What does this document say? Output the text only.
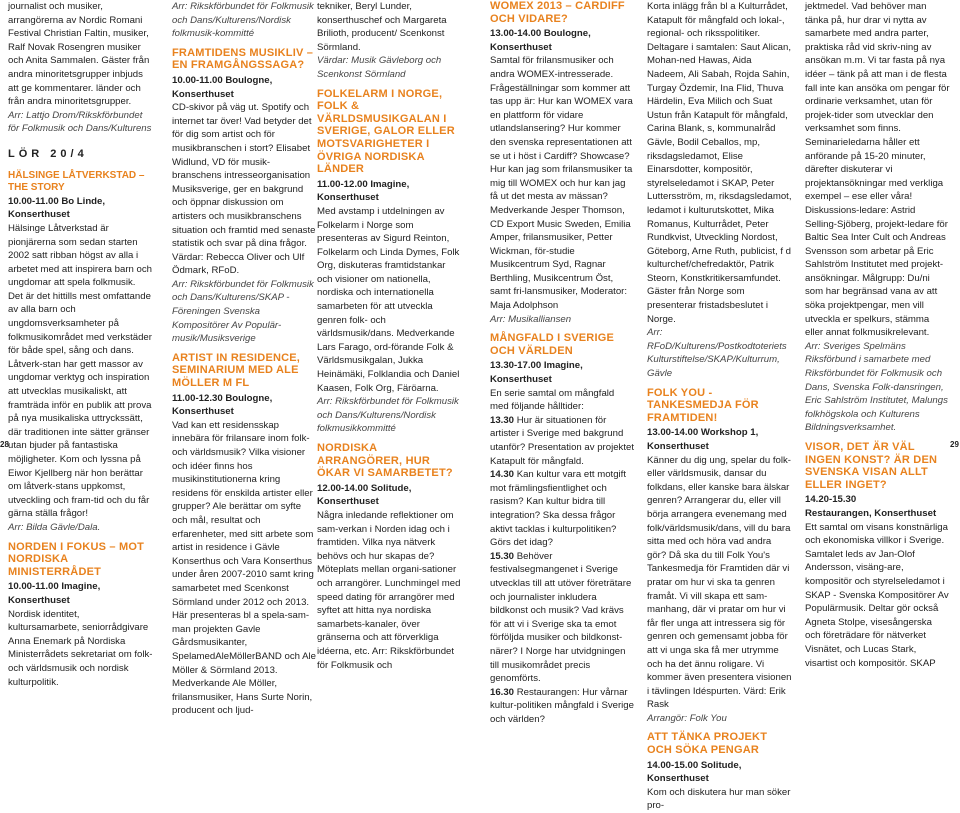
journalist och musiker, arrangörerna av Nordic Romani Festival Christian Faltin, musiker, Ralf Novak Rosengren musiker och Anita Sammalen. Gäster från andra minoritetsgrupper inbjuds att ge kommentarer. länder och från andra minoritetsgrupper.

Arr: Lattjo Drom/Rikskförbundet för Folkmusik och Dans/Kulturens

LÖR 20/4

HÄLSINGE LÅTVERKSTAD – THE STORY

10.00-11.00 Bo Linde, Konserthuset

Hälsinge Låtverkstad är pionjärerna som sedan starten 2002 satt ribban högst av alla i arbetet med att inspirera barn och ungdomar att spela folkmusik. Det är det hittills mest omfattande av alla barn och ungdomsverksamheter på folkmusikområdet med verkstäder för både spel, sång och dans. Låtverk-stan har gett massor av ungdomar verktyg och inspiration att utvecklas musikaliskt, att framträda inför en publik att prova på nya musikaliska uttryckssätt, där traditionen inte sätter gränser utan bjuder på fantastiska möjligheter. Kom och lyssna på Eiwor Kjellberg när hon berättar om låtverk-stans uppkomst, utveckling och fram-tid och du får gärna ställa frågor!

Arr: Bilda Gävle/Dala.

NORDEN I FOKUS – MOT NORDISKA MINISTERRÅDET

10.00-11.00 Imagine, Konserthuset

Nordisk identitet, kultursamarbete, seniorrådgivare Anna Enemark på Nordiska Ministerrådets sekretariat om folk- och världsmusik och nordisk kulturpolitik.

Arr: Rikskförbundet för Folkmusik och Dans/Kulturens/Nordisk folkmusik-kommitté

FRAMTIDENS MUSIKLIV – EN FRAMGÅNGSSAGA?

10.00-11.00 Boulogne, Konserthuset

CD-skivor på väg ut. Spotify och internet tar över! Vad betyder det för dig som artist och för musikbranschen i stort? Elisabet Widlund, VD för musik-branschens intresseorganisation Musiksverige, ger en bakgrund och öppnar diskussion om artisters och musikbranschens situation och framtid med senaste statistik och svar på dina frågor. Värdar: Rebecca Oliver och Ulf Ödmark, RFoD.

Arr: Rikskförbundet för Folkmusik och Dans/Kulturens/SKAP - Föreningen Svenska Kompositörer Av Populär-musik/Musiksverige

ARTIST IN RESIDENCE, SEMINARIUM MED ALE MÖLLER M FL

11.00-12.30 Boulogne, Konserthuset

Vad kan ett residensskap innebära för frilansare inom folk- och världsmusik? Vilka visioner och idéer finns hos musikinstitutionerna kring residens för enskilda artister eller grupper? Ale berättar om syfte och mål, resultat och erfarenheter, med sitt arbete som artist in residence i Gävle Konserthus och Vara Konserthus under åren 2007-2010 samt kring samarbetet med Scenkonst Sörmland under 2012 och 2013. Här presenteras bl a spela-sam-man projekten Gavle Gårdsmusikanter, SpelamedAleMöllerBAND och Ale Möller & Sörmland 2013. Medverkande Ale Möller, frilansmusiker, Hans Surte Norin, producent och ljud-

tekniker, Beryl Lunder, konserthuschef och Margareta Brilioth, producent/ Scenkonst Sörmland.

Värdar: Musik Gävleborg och Scenkonst Sörmland

FOLKELARM I NORGE, FOLK & VÄRLDSMUSIKGALAN I SVERIGE, GALOR ELLER MOTSVARIGHETER I ÖVRIGA NORDISKA LÄNDER

11.00-12.00 Imagine, Konserthuset

Med avstamp i utdelningen av Folkelarm i Norge som presenteras av Sigurd Reinton, Folkelarm och Linda Dymes, Folk Org, diskuteras framtidstankar och visioner om nationella, nordiska och internationella samarbeten för att utveckla genren folk- och världsmusik/dans. Medverkande Lars Farago, ord-förande Folk & Världsmusikgalan, Jukka Heinämäki, Folklandia och Daniel Kaasen, Folk Org, Färöarna.

Arr: Rikskförbundet för Folkmusik och Dans/Kulturens/Nordisk folkmusikkommitté

NORDISKA ARRANGÖRER, HUR ÖKAR VI SAMARBETET?

12.00-14.00 Solitude, Konserthuset

Några inledande reflektioner om sam-verkan i Norden idag och i framtiden. Vilka nya nätverk behövs och hur skapas de? Möteplats mellan organi-sationer och arrangörer. Lunchmingel med speed dating för arrangörer med syftet att hitta nya nordiska samarbets-kanaler, över gränserna och att förverkliga idéerna, etc. Arr: Rikskförbundet för Folkmusik och

WOMEX 2013 – CARDIFF OCH VIDARE?

13.00-14.00 Boulogne, Konserthuset

Samtal för frilansmusiker och andra WOMEX-intresserade. Frågeställningar som kommer att tas upp är: Hur kan WOMEX vara en plattform för vidare utlandslansering? Hur kommer den svenska representationen att se ut i höst i Cardiff? Showcase? Hur kan jag som frilansmusiker ta mig till WOMEX och hur kan jag få ut det mesta av mässan? Medverkande Jesper Thomson, CD Export Music Sweden, Emilia Amper, frilansmusiker, Petter Wickman, för-studie Musikcentrum Syd, Ragnar Berthling, Musikcentrum Öst, samt fri-lansmusiker, Moderator: Maja Adolphson

Arr: Musikalliansen

MÅNGFALD I SVERIGE OCH VÄRLDEN

13.30-17.00 Imagine, Konserthuset

En serie samtal om mångfald med följande hålltider:

13.30 Hur är situationen för artister i Sverige med bakgrund utanför? Presentation av projektet Katapult för mångfald.

14.30 Kan kultur vara ett motgift mot främlingsfientlighet och rasism? Kan kultur bidra till integration? Ska dessa frågor aktivt tacklas i kulturpolitiken? Görs det idag?

15.30 Behöver festivalsegmangenet i Sverige utvecklas till att utöver företrätare och journalister inkludera bildkonst och musik? Vad krävs för att vi i Sverige ska ta emot förföljda musiker och bildkonst-närer? I Norge har utvidgningen till musikområdet precis genomförts.

16.30 Restaurangen: Hur vårnar kultur-politiken mångfald i Sverige och världen?

Korta inlägg från bl a Kulturrådet, Katapult för mångfald och lokal-, regional- och riksspolitiker. Deltagare i samtalen: Saut Alican, Mohan-ned Hawas, Aida Nadeem, Ali Sabah, Rojda Sahin, Turgay Özdemir, Ina Flid, Thuva Härdelin, Eva Milich och Suat Ustun från Katapult för mångfald, Carina Blank, s, kommunalråd Gävle, Bodil Ceballos, mp, riksdagsledamot, Elise Einarsdotter, kompositör, styrelseledamot i SKAP, Peter Luttersström, m, riksdagsledamot, ledamot i kulturutskottet, Mika Romanus, Kulturrådet, Peter Rundkvist, Utveckling Nordost, Göteborg, Arne Ruth, publicist, f d kulturchef/chefredaktör, Patrik Steorn, Konstkritikersamfundet. Gäster från Norge som presenterar fristadsbeslutet i Norge.

Arr: RFoD/Kulturens/Postkodtoteriets Kulturstiftelse/SKAP/Kulturrum, Gävle

FOLK YOU - TANKESMEDJA FÖR FRAMTIDEN!

13.00-14.00 Workshop 1, Konserthuset

Känner du dig ung, spelar du folk- eller världsmusik, dansar du folkdans, eller kanske bara älskar genren? Arrangerar du, eller vill börja arrangera evenemang med folk/världsmusik/dans, vill du bara sitta med och höra vad andra gör? Då ska du till Folk You's Tankesmedja för Framtiden där vi pratar om hur vi ska ta genren framåt. Vi vill skapa ett sam-manhang, där vi pratar om hur vi får fler unga att intressera sig för genren och gemensamt jobba för att vi unga ska få mer utrymme och ha det ännu roligare. Vi kommer även presentera visionen i tävlingen Idéspurten. Värd: Erik Rask

Arrangör: Folk You

ATT TÄNKA PROJEKT OCH SÖKA PENGAR

14.00-15.00 Solitude, Konserthuset

Kom och diskutera hur man söker pro-

jektmedel. Vad behöver man tänka på, hur drar vi nytta av samarbete med andra parter, praktiska råd vid skriv-ning av ansökan m.m. Vi tar fasta på nya idéer – tänk på att man i de flesta fall inte kan ansöka om pengar för ordinarie verksamhet, utan för projek-tider som utvecklar den verksamhet som finns. Seminarieledarna håller ett anförande på 15-20 minuter, därefter diskuterar vi projektansökningar med verkliga exempel – ese eller våra! Diskussions-ledare: Astrid Selling-Sjöberg, projekt-ledare för Baltic Sea Inter Cult och Andreas Svensson som arbetar på Eric Sahlström Institutet med projekt-ansökningar. Målgrupp: Du/ni som har begränsad vana av att söka projektpengar, men vill utveckla er spelkurs, stämma eller annat folkmusikrelevant.

Arr: Sveriges Spelmäns Riksförbund i samarbete med Riksförbundet för Folkmusik och Dans, Svenska Folk-dansringen, Eric Sahlström Institutet, Malungs folkhögskola och Kulturens Bildningsverksamhet.

VISOR, DET ÄR VÄL INGEN KONST? ÄR DEN SVENSKA VISAN ALLT ELLER INGET?

14.20-15.30

Restaurangen, Konserthuset

Ett samtal om visans konstnärliga och ekonomiska villkor i Sverige. Samtalet leds av Jan-Olof Andersson, visäng-are, kompositör och styrelseledamot i SKAP - Svenska Kompositörer Av Populärmusik. Deltar gör också Agneta Stolpe, visesångerska och företrädare för nätverket Visnätet, och Lucas Stark, visartist och kompositör. SKAP

28	29
